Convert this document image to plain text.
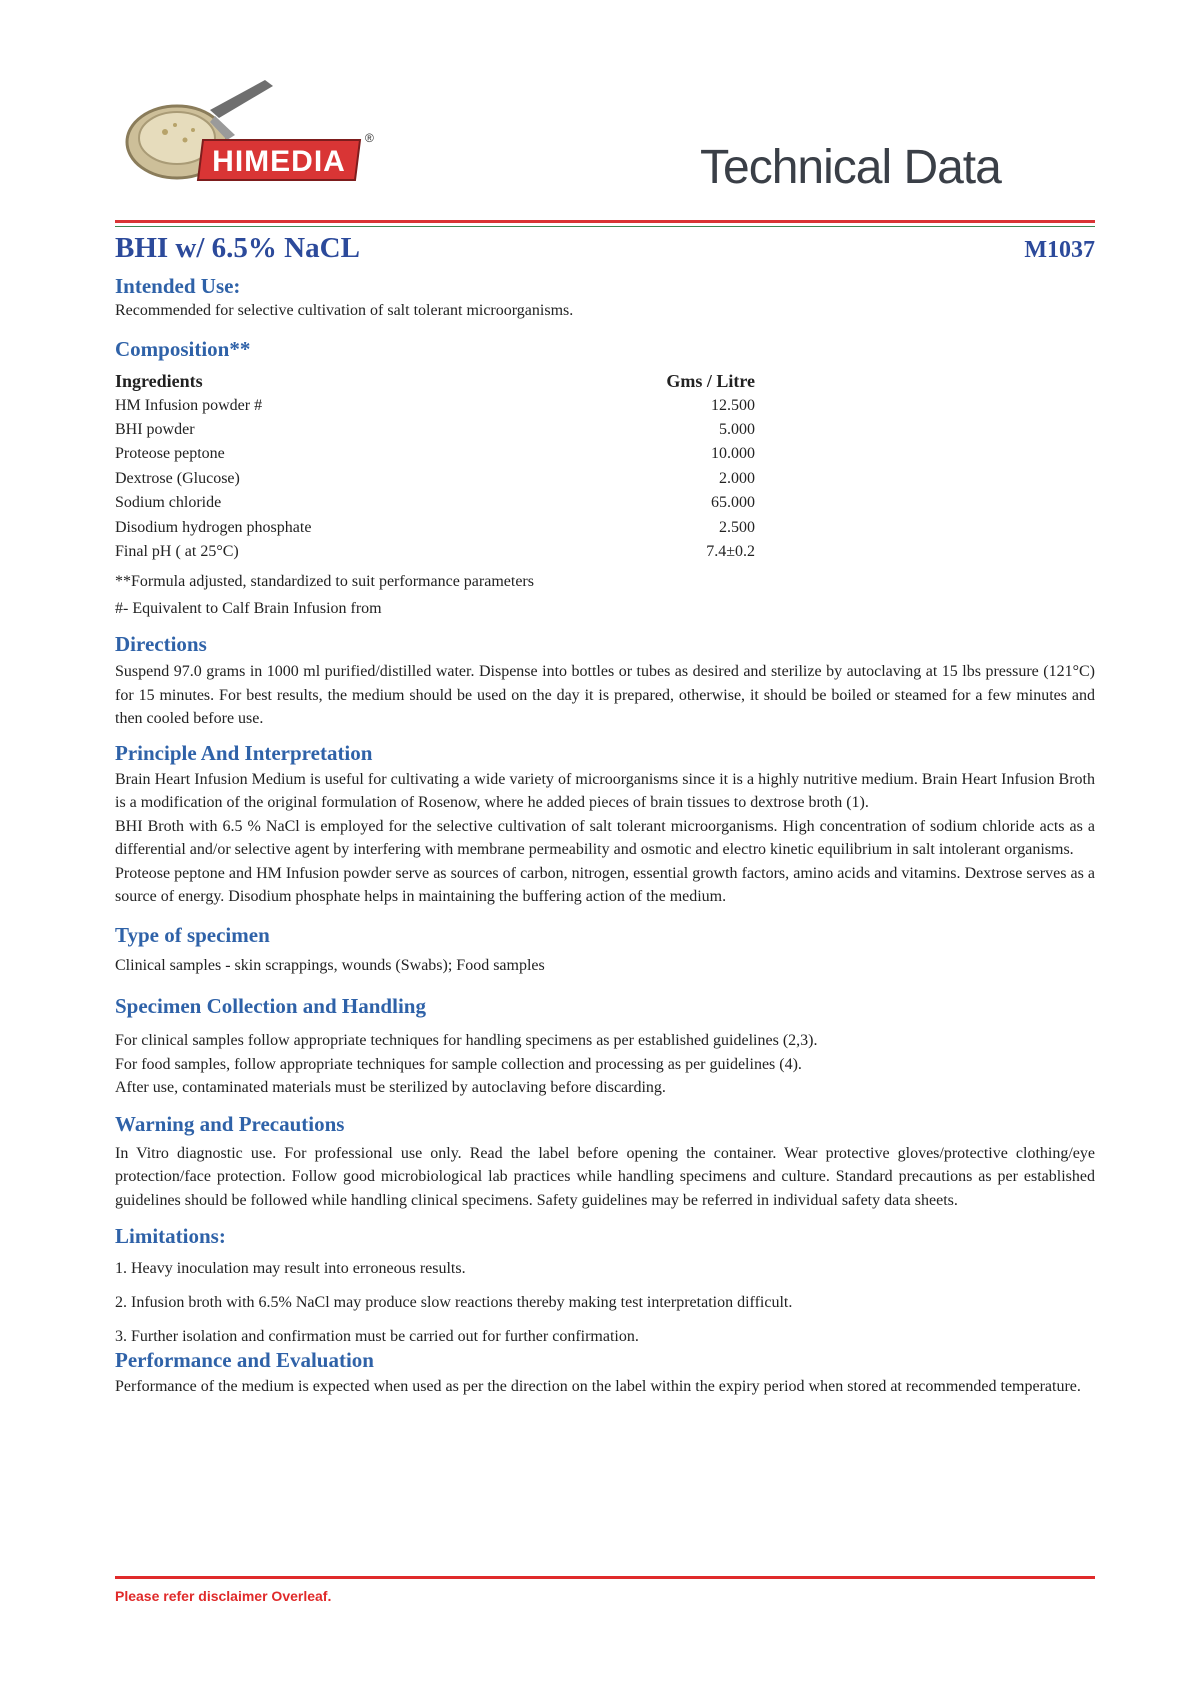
HIMEDIA
®
Technical Data
BHI w/ 6.5% NaCL	M1037
Intended Use:

Recommended for selective cultivation of salt tolerant microorganisms.

Composition**
Ingredients	Gms / Litre
HM Infusion powder #	12.500
BHI powder	5.000
Proteose peptone	10.000
Dextrose (Glucose)	2.000
Sodium chloride	65.000
Disodium hydrogen phosphate	2.500
Final pH ( at 25°C)	7.4±0.2

**Formula adjusted, standardized to suit performance parameters

#- Equivalent to Calf Brain Infusion from

Directions

Suspend 97.0 grams in 1000 ml purified/distilled water. Dispense into bottles or tubes as desired and sterilize by autoclaving at 15 lbs pressure (121°C) for 15 minutes. For best results, the medium should be used on the day it is prepared, otherwise, it should be boiled or steamed for a few minutes and then cooled before use.

Principle And Interpretation

Brain Heart Infusion Medium is useful for cultivating a wide variety of microorganisms since it is a highly nutritive medium. Brain Heart Infusion Broth is a modification of the original formulation of Rosenow, where he added pieces of brain tissues to dextrose broth (1).

BHI Broth with 6.5 % NaCl is employed for the selective cultivation of salt tolerant microorganisms. High concentration of sodium chloride acts as a differential and/or selective agent by interfering with membrane permeability and osmotic and electro kinetic equilibrium in salt intolerant organisms.

Proteose peptone and HM Infusion powder serve as sources of carbon, nitrogen, essential growth factors, amino acids and vitamins. Dextrose serves as a source of energy. Disodium phosphate helps in maintaining the buffering action of the medium.

Type of specimen

Clinical samples - skin scrappings, wounds (Swabs); Food samples

Specimen Collection and Handling

For clinical samples follow appropriate techniques for handling specimens as per established guidelines (2,3).

For food samples, follow appropriate techniques for sample collection and processing as per guidelines (4).

After use, contaminated materials must be sterilized by autoclaving before discarding.

Warning and Precautions

In Vitro diagnostic use. For professional use only. Read the label before opening the container. Wear protective gloves/protective clothing/eye protection/face protection. Follow good microbiological lab practices while handling specimens and culture. Standard precautions as per established guidelines should be followed while handling clinical specimens. Safety guidelines may be referred in individual safety data sheets.

Limitations:
1. Heavy inoculation may result into erroneous results.
2. Infusion broth with 6.5% NaCl may produce slow reactions thereby making test interpretation difficult.
3. Further isolation and confirmation must be carried out for further confirmation.
Performance and Evaluation

Performance of the medium is expected when used as per the direction on the label within the expiry period when stored at recommended temperature.

Please refer disclaimer Overleaf.
